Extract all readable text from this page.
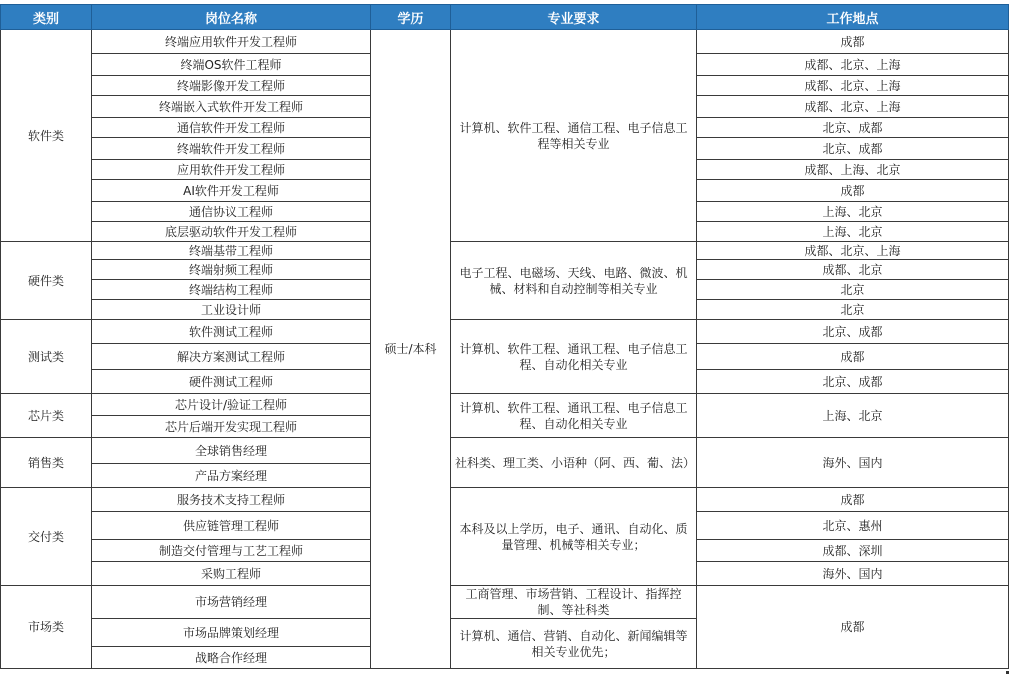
类别	岗位名称	学历	专业要求	工作地点
软件类	终端应用软件开发工程师	硕士/本科	计算机、软件工程、通信工程、电子信息工程等相关专业	成都
	终端OS软件工程师			成都、北京、上海
	终端影像开发工程师			成都、北京、上海
	终端嵌入式软件开发工程师			成都、北京、上海
	通信软件开发工程师			北京、成都
	终端软件开发工程师			北京、成都
	应用软件开发工程师			成都、上海、北京
	AI软件开发工程师			成都
	通信协议工程师			上海、北京
	底层驱动软件开发工程师			上海、北京
硬件类	终端基带工程师		电子工程、电磁场、天线、电路、微波、机械、材料和自动控制等相关专业	成都、北京、上海
	终端射频工程师			成都、北京
	终端结构工程师			北京
	工业设计师			北京
测试类	软件测试工程师		计算机、软件工程、通讯工程、电子信息工程、自动化相关专业	北京、成都
	解决方案测试工程师			成都
	硬件测试工程师			北京、成都
芯片类	芯片设计/验证工程师		计算机、软件工程、通讯工程、电子信息工程、自动化相关专业	上海、北京
	芯片后端开发实现工程师			
销售类	全球销售经理		社科类、理工类、小语种（阿、西、葡、法）	海外、国内
	产品方案经理			
交付类	服务技术支持工程师		本科及以上学历，电子、通讯、自动化、质量管理、机械等相关专业；	成都
	供应链管理工程师			北京、惠州
	制造交付管理与工艺工程师			成都、深圳
	采购工程师			海外、国内
市场类	市场营销经理		工商管理、市场营销、工程设计、指挥控制、等社科类	成都
	市场品牌策划经理		计算机、通信、营销、自动化、新闻编辑等相关专业优先；	
	战略合作经理			
